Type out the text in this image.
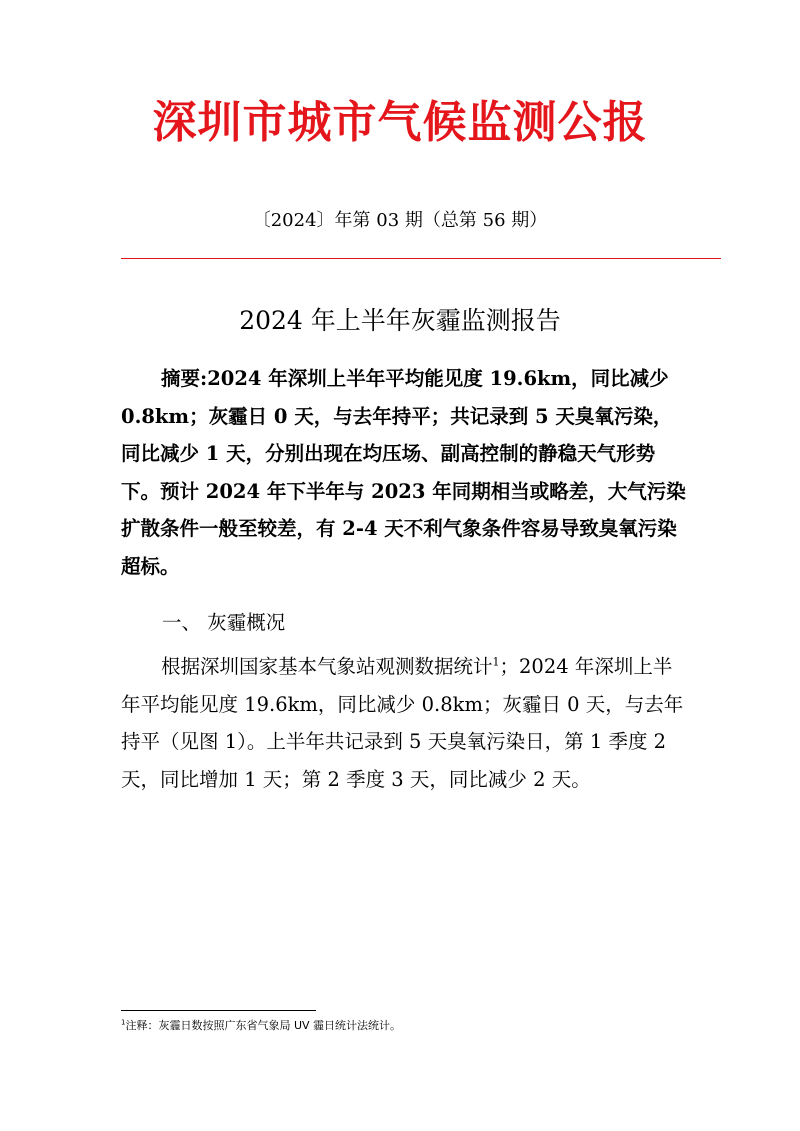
深圳市城市气候监测公报
〔2024〕年第 03 期（总第 56 期）
2024 年上半年灰霾监测报告

摘要:2024 年深圳上半年平均能见度 19.6km，同比减少 0.8km；灰霾日 0 天，与去年持平；共记录到 5 天臭氧污染，同比减少 1 天，分别出现在均压场、副高控制的静稳天气形势下。预计 2024 年下半年与 2023 年同期相当或略差，大气污染扩散条件一般至较差，有 2-4 天不利气象条件容易导致臭氧污染超标。

一、 灰霾概况

根据深圳国家基本气象站观测数据统计$^1$；2024 年深圳上半年平均能见度 19.6km，同比减少 0.8km；灰霾日 0 天，与去年持平（见图 1）。上半年共记录到 5 天臭氧污染日，第 1 季度 2 天，同比增加 1 天；第 2 季度 3 天，同比减少 2 天。

$^1$注释：灰霾日数按照广东省气象局 UV 霾日统计法统计。
